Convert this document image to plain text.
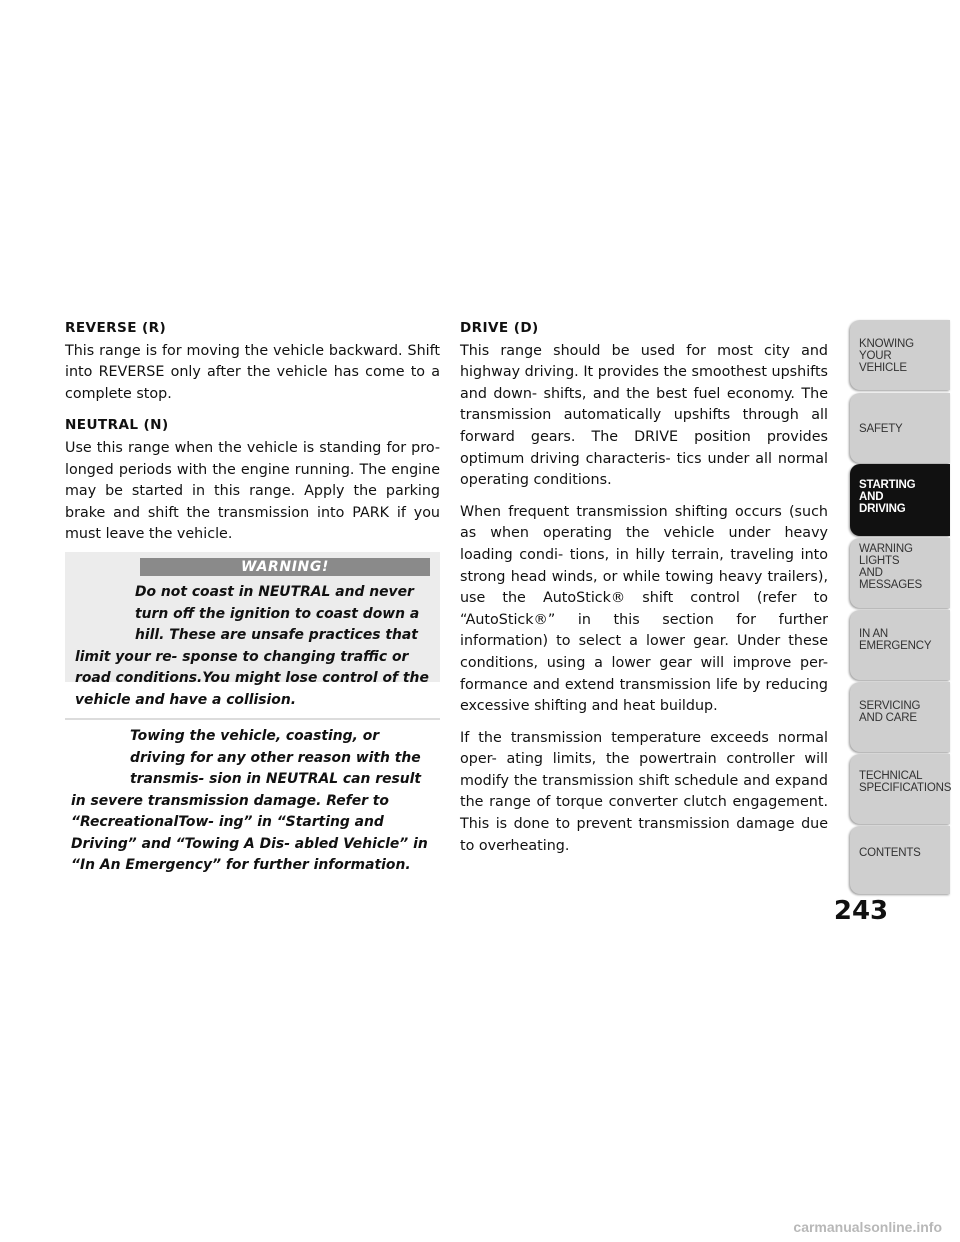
REVERSE (R)

This range is for moving the vehicle backward. Shift into REVERSE only after the vehicle has come to a complete stop.

NEUTRAL (N)

Use this range when the vehicle is standing for pro- longed periods with the engine running. The engine may be started in this range. Apply the parking brake and shift the transmission into PARK if you must leave the vehicle.

WARNING!
Do not coast in NEUTRAL and never turn off the ignition to coast down a hill. These are unsafe practices that limit your re- sponse to changing traffic or road conditions.You might lose control of the vehicle and have a collision.
Towing the vehicle, coasting, or driving for any other reason with the transmis- sion in NEUTRAL can result in severe transmission damage. Refer to “RecreationalTow- ing” in “Starting and Driving” and “Towing A Dis- abled Vehicle” in “In An Emergency” for further information.

DRIVE (D)

This range should be used for most city and highway driving. It provides the smoothest upshifts and down- shifts, and the best fuel economy. The transmission automatically upshifts through all forward gears. The DRIVE position provides optimum driving characteris- tics under all normal operating conditions.

When frequent transmission shifting occurs (such as when operating the vehicle under heavy loading condi- tions, in hilly terrain, traveling into strong head winds, or while towing heavy trailers), use the AutoStick® shift control (refer to “AutoStick®” in this section for further information) to select a lower gear. Under these conditions, using a lower gear will improve per- formance and extend transmission life by reducing excessive shifting and heat buildup.

If the transmission temperature exceeds normal oper- ating limits, the powertrain controller will modify the transmission shift schedule and expand the range of torque converter clutch engagement. This is done to prevent transmission damage due to overheating.

KNOWING
YOUR
VEHICLE
SAFETY
STARTING
AND
DRIVING
WARNING
LIGHTS
AND
MESSAGES
IN AN
EMERGENCY
SERVICING
AND CARE
TECHNICAL
SPECIFICATIONS
CONTENTS
243
carmanualsonline.info
